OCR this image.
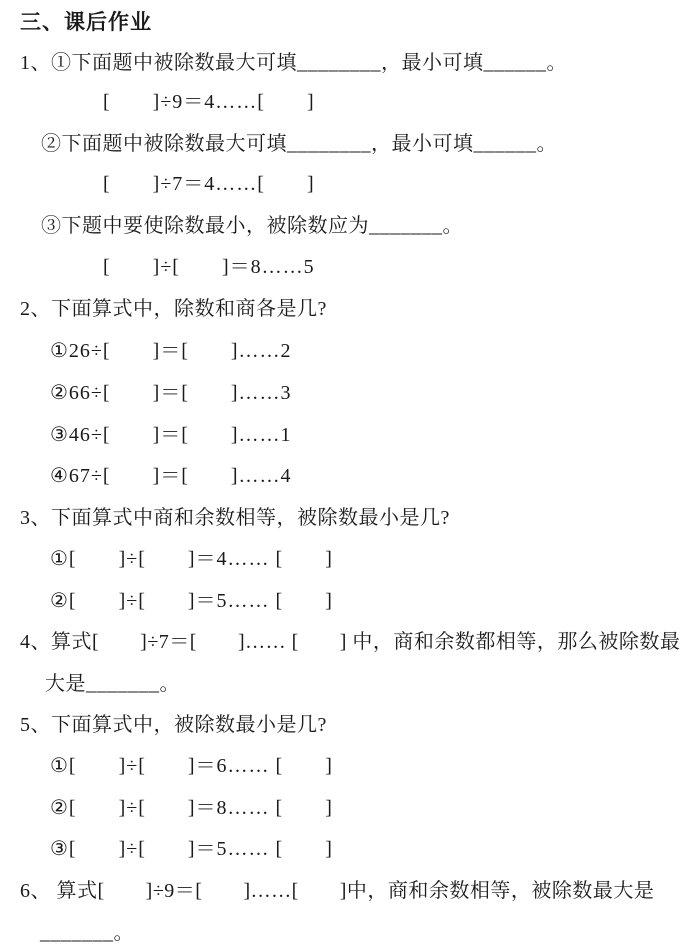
三、课后作业
1、①下面题中被除数最大可填________，最小可填______。
[　　]÷9＝4……[　　]
②下面题中被除数最大可填________，最小可填______。
[　　]÷7＝4……[　　]
③下题中要使除数最小，被除数应为_______。
[　　]÷[　　]＝8……5
2、下面算式中，除数和商各是几?
①26÷[　　]＝[　　]……2
②66÷[　　]＝[　　]……3
③46÷[　　]＝[　　]……1
④67÷[　　]＝[　　]……4
3、下面算式中商和余数相等，被除数最小是几?
①[　　]÷[　　]＝4…… [　　]
②[　　]÷[　　]＝5…… [　　]
4、算式[　　]÷7＝[　　]…… [　　] 中，商和余数都相等，那么被除数最
大是_______。
5、下面算式中，被除数最小是几?
①[　　]÷[　　]＝6…… [　　]
②[　　]÷[　　]＝8…… [　　]
③[　　]÷[　　]＝5…… [　　]
6、 算式[　　]÷9＝[　　]……[　　]中，商和余数相等，被除数最大是
_______。
